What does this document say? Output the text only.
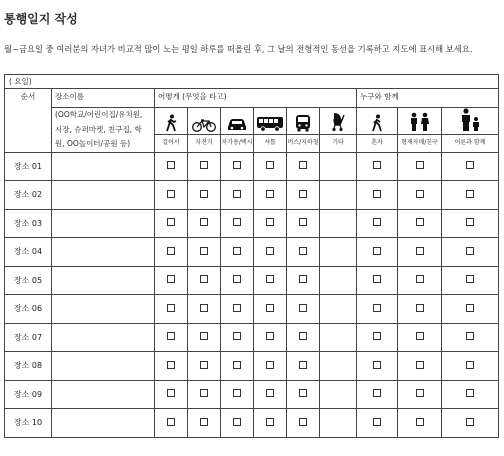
통행일지 작성
월~금요일 중 여러분의 자녀가 비교적 많이 노는 평일 하루를 떠올린 후, 그 날의 전형적인 동선을 기록하고 지도에 표시해 보세요.
( 요일)										
순서	장소이름	어떻게 (무엇을 타고)						누구와 함께		
	(OO학교/어린이집/유치원, 시장, 슈퍼마켓, 친구집, 학원, OO놀이터/공원 등)									
		걸어서	자전거	자가용/택시	셔틀	버스/지하철	기타	혼자	형제자매/친구	어른과 함께
장소 01										
장소 02										
장소 03										
장소 04										
장소 05										
장소 06										
장소 07										
장소 08										
장소 09										
장소 10										
